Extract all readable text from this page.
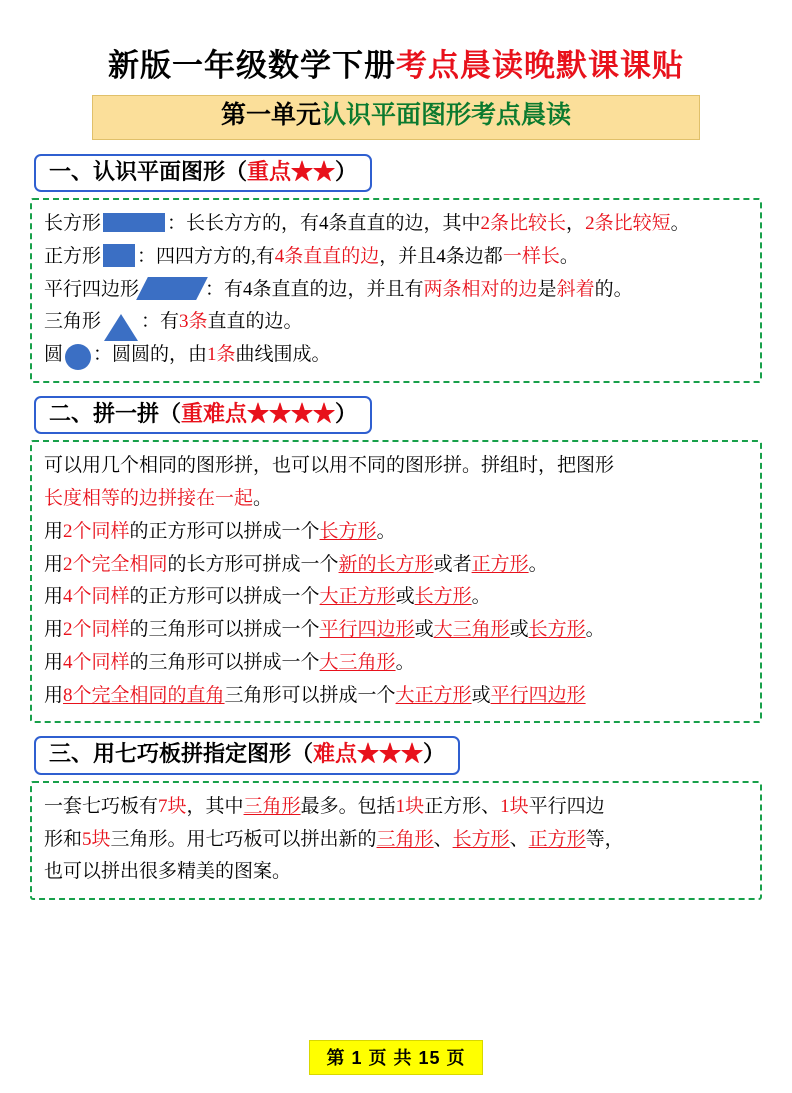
新版一年级数学下册考点晨读晚默课课贴
第一单元认识平面图形考点晨读
一、认识平面图形（重点★★）
长方形	：长长方方的，有4条直直的边，其中2条比较长，2条比较短。
正方形 ：四四方方的,有4条直直的边，并且4条边都一样长。
平行四边形	：有4条直直的边，并且有两条相对的边是斜着的。
三角形 ：有3条直直的边。
圆 ：圆圆的，由1条曲线围成。
二、拼一拼（重难点★★★★）
可以用几个相同的图形拼，也可以用不同的图形拼。拼组时，把图形
长度相等的边拼接在一起。
用2个同样的正方形可以拼成一个长方形。
用2个完全相同的长方形可拼成一个新的长方形或者正方形。
用4个同样的正方形可以拼成一个大正方形或长方形。
用2个同样的三角形可以拼成一个平行四边形或大三角形或长方形。
用4个同样的三角形可以拼成一个大三角形。
用8个完全相同的直角三角形可以拼成一个大正方形或平行四边形
三、用七巧板拼指定图形（难点★★★）
一套七巧板有7块，其中三角形最多。包括1块正方形、1块平行四边
形和5块三角形。用七巧板可以拼出新的三角形、长方形、正方形等，
也可以拼出很多精美的图案。
第 1 页 共 15 页
